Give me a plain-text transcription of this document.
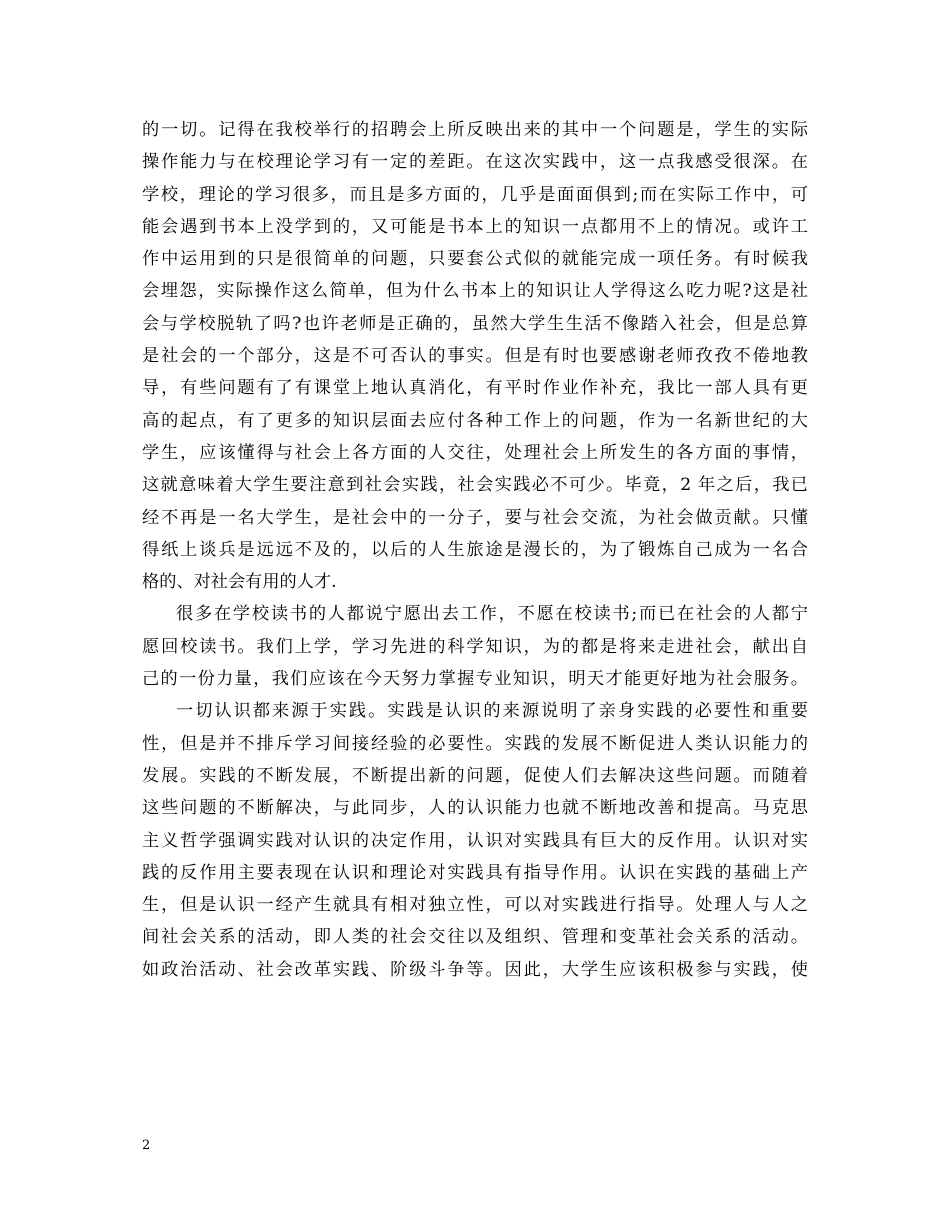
的一切。记得在我校举行的招聘会上所反映出来的其中一个问题是，学生的实际
操作能力与在校理论学习有一定的差距。在这次实践中，这一点我感受很深。在
学校，理论的学习很多，而且是多方面的，几乎是面面俱到;而在实际工作中，可
能会遇到书本上没学到的，又可能是书本上的知识一点都用不上的情况。或许工
作中运用到的只是很简单的问题，只要套公式似的就能完成一项任务。有时候我
会埋怨，实际操作这么简单，但为什么书本上的知识让人学得这么吃力呢?这是社
会与学校脱轨了吗?也许老师是正确的，虽然大学生生活不像踏入社会，但是总算
是社会的一个部分，这是不可否认的事实。但是有时也要感谢老师孜孜不倦地教
导，有些问题有了有课堂上地认真消化，有平时作业作补充，我比一部人具有更
高的起点，有了更多的知识层面去应付各种工作上的问题，作为一名新世纪的大
学生，应该懂得与社会上各方面的人交往，处理社会上所发生的各方面的事情，
这就意味着大学生要注意到社会实践，社会实践必不可少。毕竟，2 年之后，我已
经不再是一名大学生，是社会中的一分子，要与社会交流，为社会做贡献。只懂
得纸上谈兵是远远不及的，以后的人生旅途是漫长的，为了锻炼自己成为一名合
格的、对社会有用的人才.
很多在学校读书的人都说宁愿出去工作，不愿在校读书;而已在社会的人都宁
愿回校读书。我们上学，学习先进的科学知识，为的都是将来走进社会，献出自
己的一份力量，我们应该在今天努力掌握专业知识，明天才能更好地为社会服务。
一切认识都来源于实践。实践是认识的来源说明了亲身实践的必要性和重要
性，但是并不排斥学习间接经验的必要性。实践的发展不断促进人类认识能力的
发展。实践的不断发展，不断提出新的问题，促使人们去解决这些问题。而随着
这些问题的不断解决，与此同步，人的认识能力也就不断地改善和提高。马克思
主义哲学强调实践对认识的决定作用，认识对实践具有巨大的反作用。认识对实
践的反作用主要表现在认识和理论对实践具有指导作用。认识在实践的基础上产
生，但是认识一经产生就具有相对独立性，可以对实践进行指导。处理人与人之
间社会关系的活动，即人类的社会交往以及组织、管理和变革社会关系的活动。
如政治活动、社会改革实践、阶级斗争等。因此，大学生应该积极参与实践，使
2
